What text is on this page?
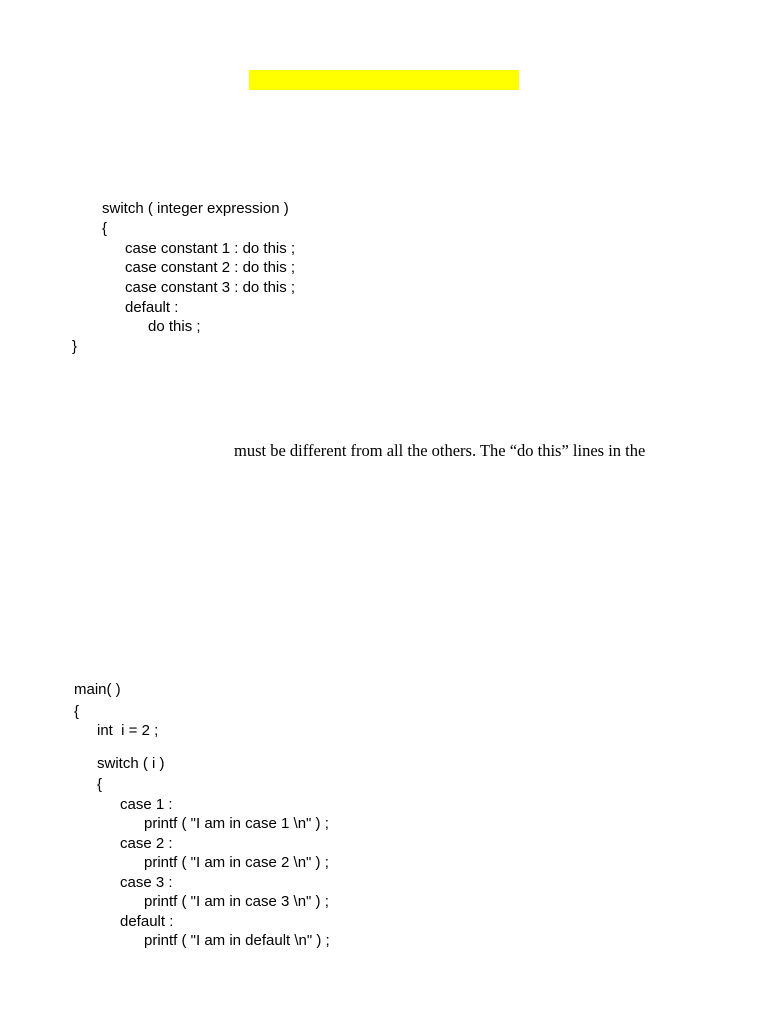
switch ( integer expression )
{
case constant 1 : do this ;
case constant 2 : do this ;
case constant 3 : do this ;
default :
do this ;
}
must be different from all the others. The “do this” lines in the
main( )
{
int  i = 2 ;
switch ( i )
{
case 1 :
printf ( "I am in case 1 \n" ) ;
case 2 :
printf ( "I am in case 2 \n" ) ;
case 3 :
printf ( "I am in case 3 \n" ) ;
default :
printf ( "I am in default \n" ) ;
